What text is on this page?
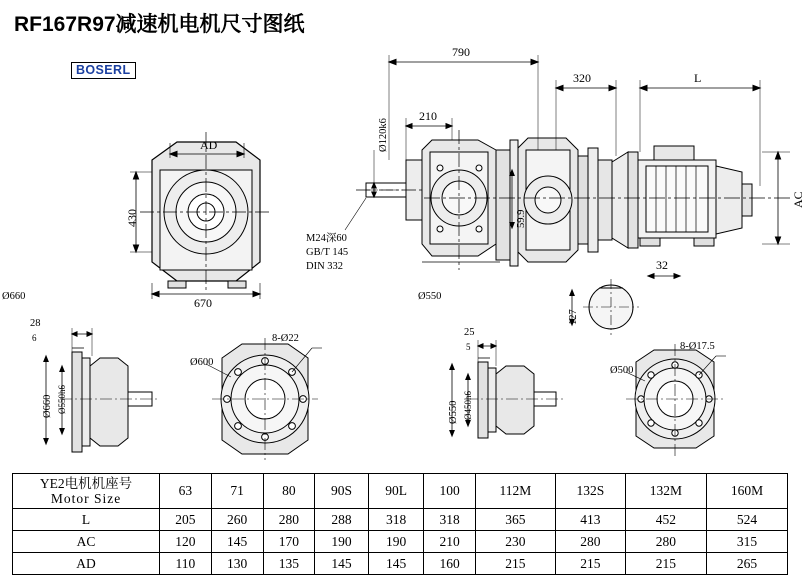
RF167R97减速机电机尺寸图纸
BOSERL
AD
430
670
790
320	L
AC
210
Ø120k6
59.9
32
127
M24深60
GB/T 145
DIN 332
Ø660	Ø550
28
6
Ø660 Ø550h6
8-Ø22
Ø600
25
5
Ø550 Ø450h6
8-Ø17.5
Ø500
YE2电机机座号
Motor Size	63	71	80	90S	90L	100	112M	132S	132M	160M
L	205	260	280	288	318	318	365	413	452	524
AC	120	145	170	190	190	210	230	280	280	315
AD	110	130	135	145	145	160	215	215	215	265
